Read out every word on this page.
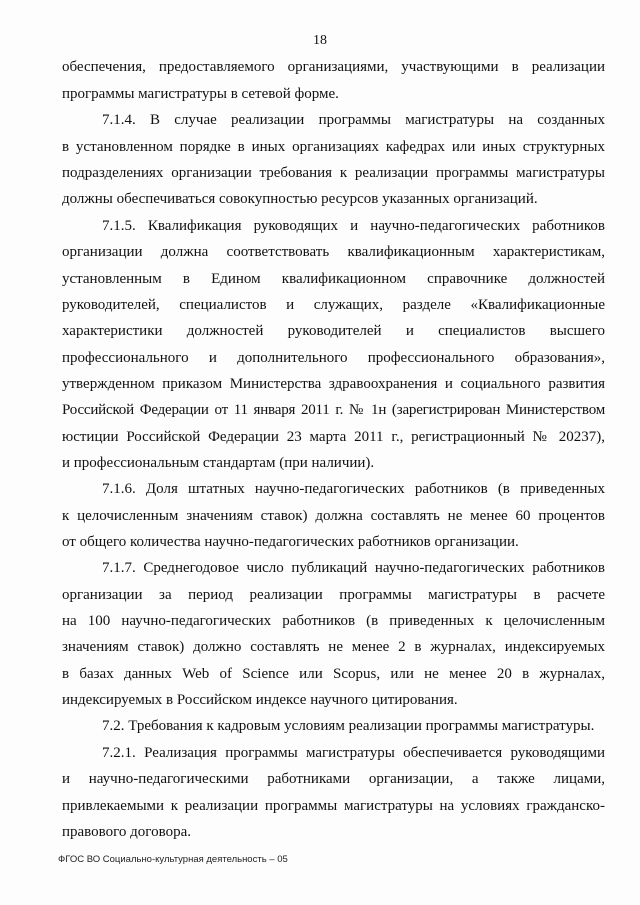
18
обеспечения, предоставляемого организациями, участвующими в реализации
программы магистратуры в сетевой форме.
7.1.4. В случае реализации программы магистратуры на созданных
в установленном порядке в иных организациях кафедрах или иных структурных
подразделениях организации требования к реализации программы магистратуры
должны обеспечиваться совокупностью ресурсов указанных организаций.
7.1.5. Квалификация руководящих и научно-педагогических работников
организации должна соответствовать квалификационным характеристикам,
установленным в Едином квалификационном справочнике должностей
руководителей, специалистов и служащих, разделе «Квалификационные
характеристики должностей руководителей и специалистов высшего
профессионального и дополнительного профессионального образования»,
утвержденном приказом Министерства здравоохранения и социального развития
Российской Федерации от 11 января 2011 г. № 1н (зарегистрирован Министерством
юстиции Российской Федерации 23 марта 2011 г., регистрационный № 20237),
и профессиональным стандартам (при наличии).
7.1.6. Доля штатных научно-педагогических работников (в приведенных
к целочисленным значениям ставок) должна составлять не менее 60 процентов
от общего количества научно-педагогических работников организации.
7.1.7. Среднегодовое число публикаций научно-педагогических работников
организации за период реализации программы магистратуры в расчете
на 100 научно-педагогических работников (в приведенных к целочисленным
значениям ставок) должно составлять не менее 2 в журналах, индексируемых
в базах данных Web of Science или Scopus, или не менее 20 в журналах,
индексируемых в Российском индексе научного цитирования.
7.2. Требования к кадровым условиям реализации программы магистратуры.
7.2.1. Реализация программы магистратуры обеспечивается руководящими
и научно-педагогическими работниками организации, а также лицами,
привлекаемыми к реализации программы магистратуры на условиях гражданско-
правового договора.
ФГОС ВО Социально-культурная деятельность – 05
